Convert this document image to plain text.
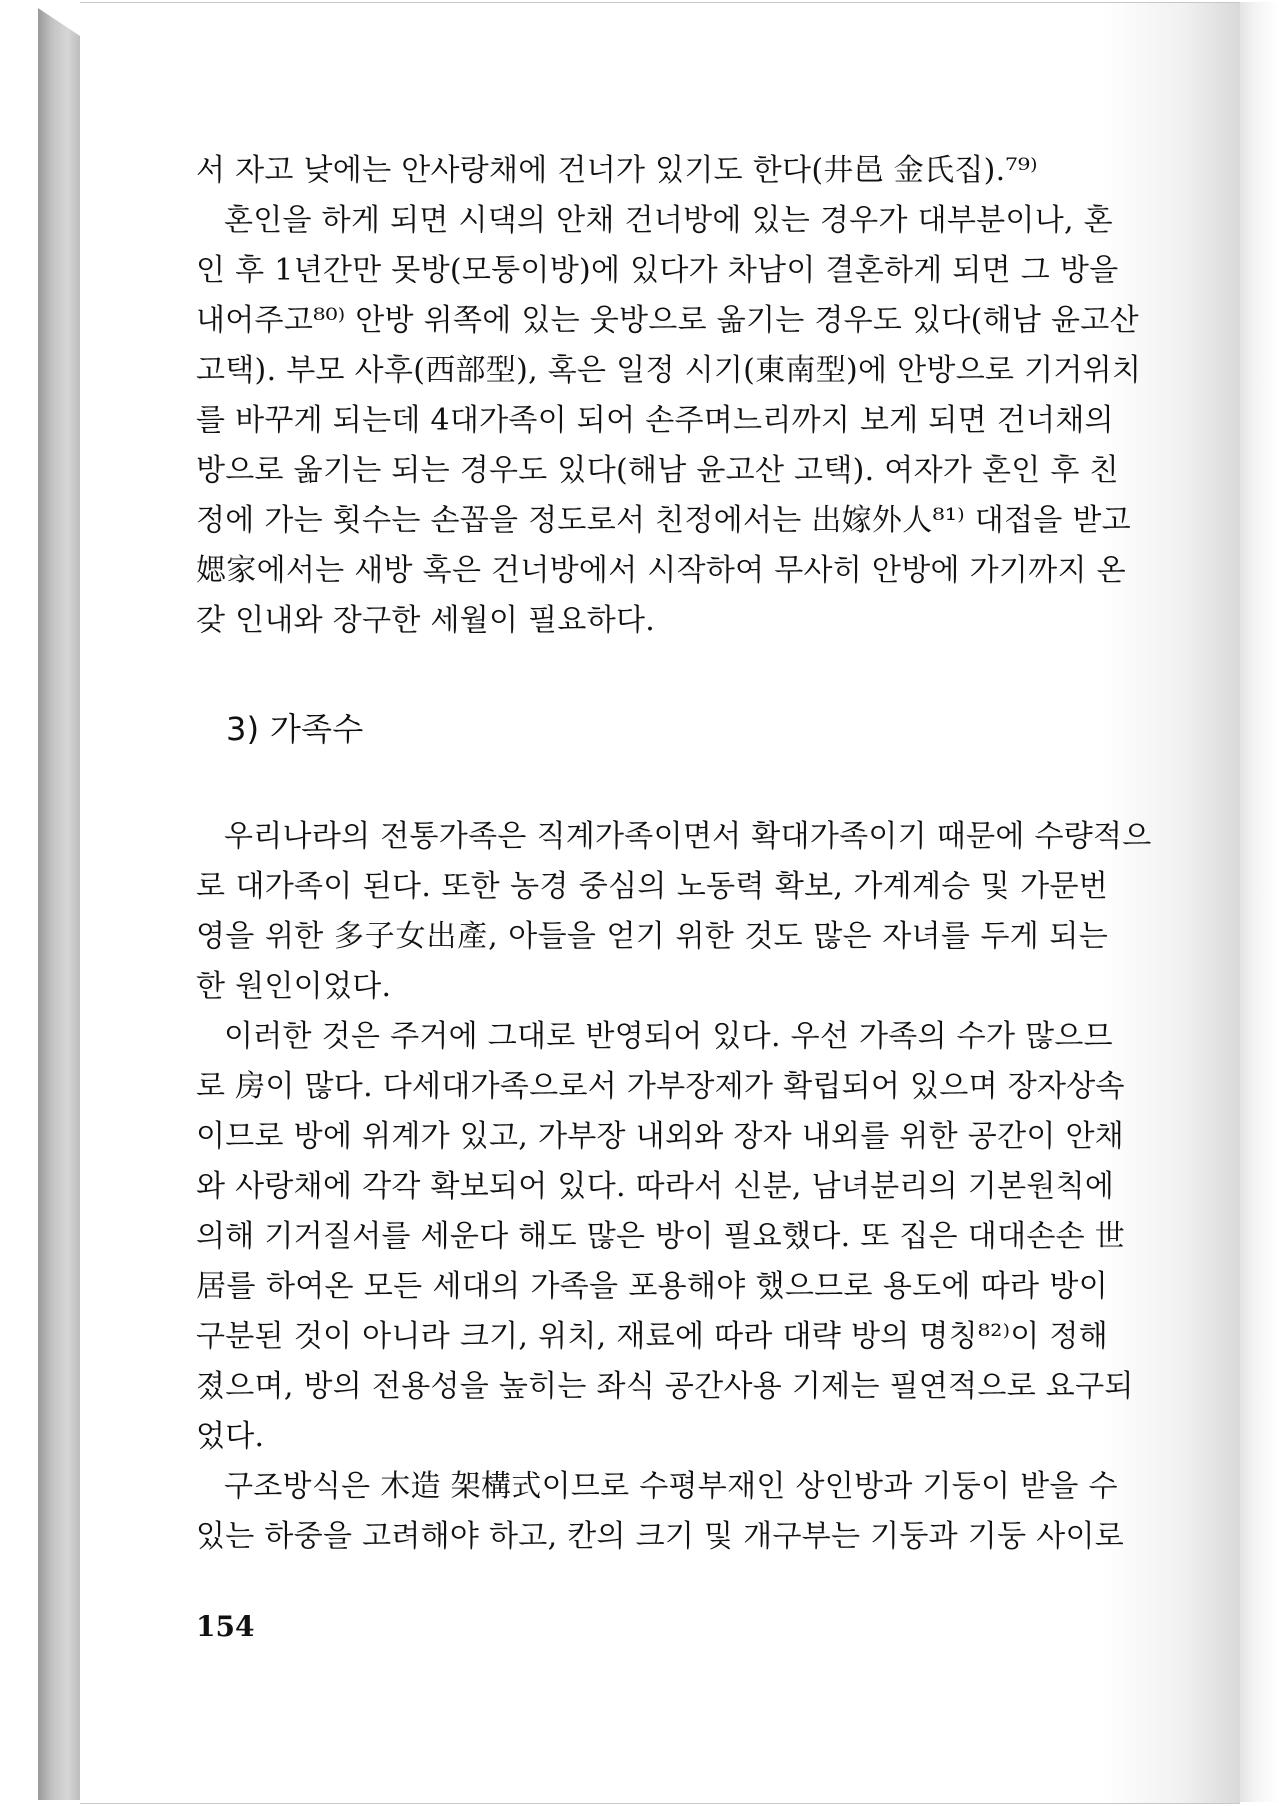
서 자고 낮에는 안사랑채에 건너가 있기도 한다(井邑 金氏집).⁷⁹⁾
혼인을 하게 되면 시댁의 안채 건너방에 있는 경우가 대부분이나, 혼
인 후 1년간만 못방(모퉁이방)에 있다가 차남이 결혼하게 되면 그 방을
내어주고⁸⁰⁾ 안방 위쪽에 있는 웃방으로 옮기는 경우도 있다(해남 윤고산
고택). 부모 사후(西部型), 혹은 일정 시기(東南型)에 안방으로 기거위치
를 바꾸게 되는데 4대가족이 되어 손주며느리까지 보게 되면 건너채의
방으로 옮기는 되는 경우도 있다(해남 윤고산 고택). 여자가 혼인 후 친
정에 가는 횟수는 손꼽을 정도로서 친정에서는 出嫁外人⁸¹⁾ 대접을 받고
媤家에서는 새방 혹은 건너방에서 시작하여 무사히 안방에 가기까지 온
갖 인내와 장구한 세월이 필요하다.
3) 가족수
우리나라의 전통가족은 직계가족이면서 확대가족이기 때문에 수량적으
로 대가족이 된다. 또한 농경 중심의 노동력 확보, 가계계승 및 가문번
영을 위한 多子女出產, 아들을 얻기 위한 것도 많은 자녀를 두게 되는
한 원인이었다.
이러한 것은 주거에 그대로 반영되어 있다. 우선 가족의 수가 많으므
로 房이 많다. 다세대가족으로서 가부장제가 확립되어 있으며 장자상속
이므로 방에 위계가 있고, 가부장 내외와 장자 내외를 위한 공간이 안채
와 사랑채에 각각 확보되어 있다. 따라서 신분, 남녀분리의 기본원칙에
의해 기거질서를 세운다 해도 많은 방이 필요했다. 또 집은 대대손손 世
居를 하여온 모든 세대의 가족을 포용해야 했으므로 용도에 따라 방이
구분된 것이 아니라 크기, 위치, 재료에 따라 대략 방의 명칭⁸²⁾이 정해
졌으며, 방의 전용성을 높히는 좌식 공간사용 기제는 필연적으로 요구되
었다.
구조방식은 木造 架構式이므로 수평부재인 상인방과 기둥이 받을 수
있는 하중을 고려해야 하고, 칸의 크기 및 개구부는 기둥과 기둥 사이로
154
